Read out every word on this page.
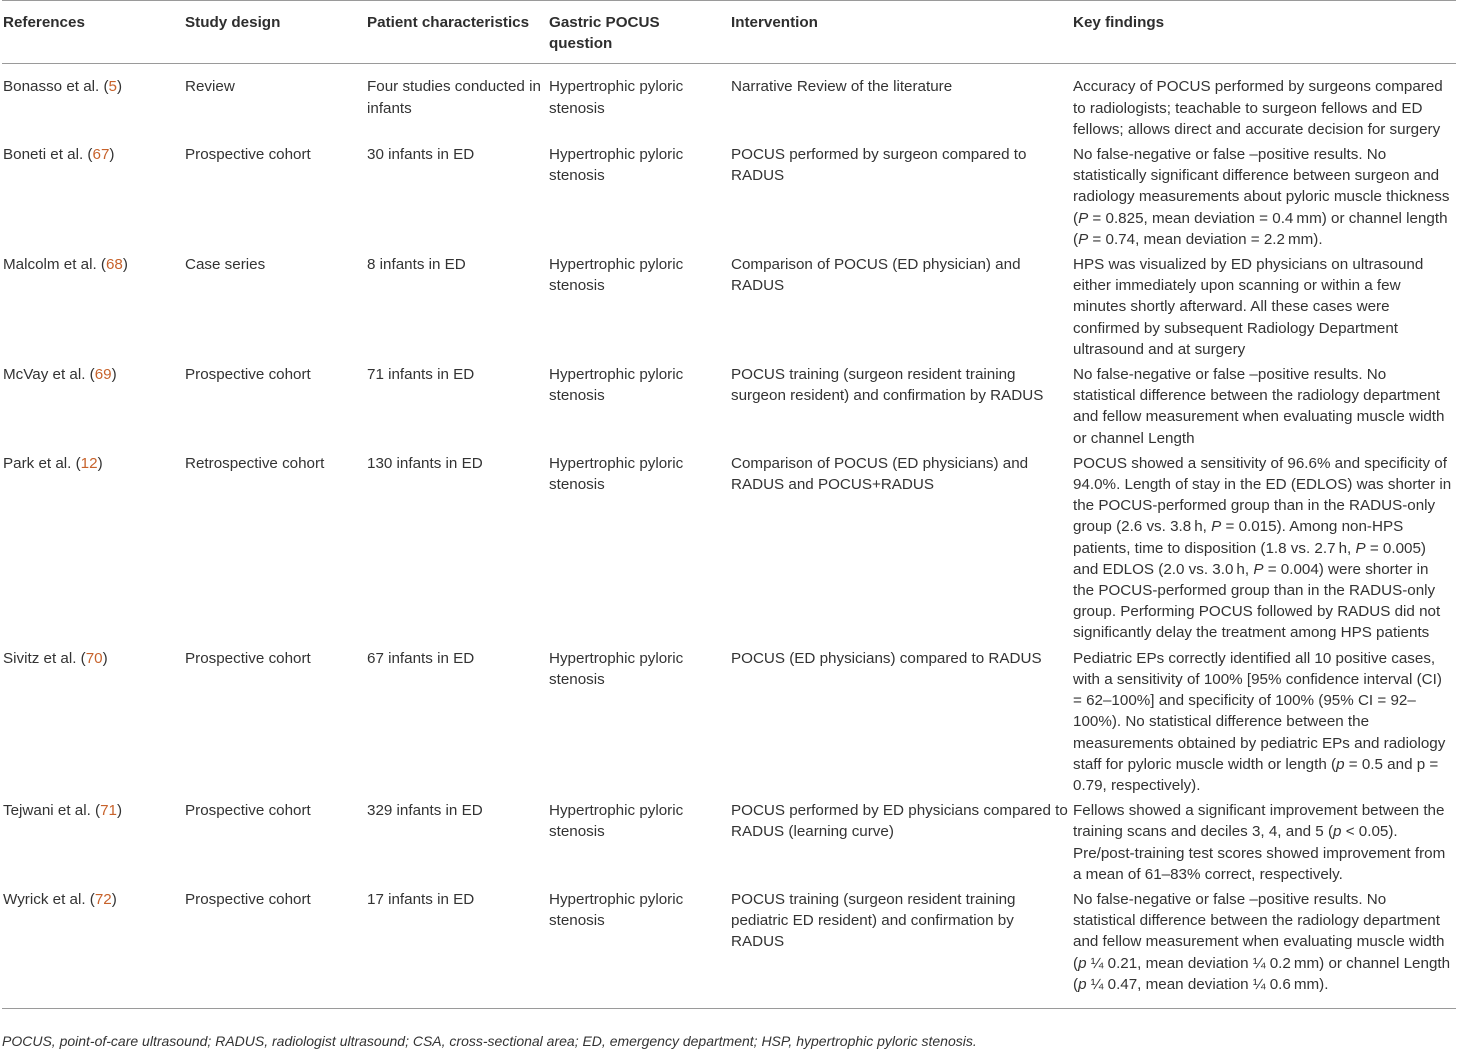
References	Study design	Patient characteristics	Gastric POCUS question	Intervention	Key findings
Bonasso et al. (5)	Review	Four studies conducted in infants	Hypertrophic pyloric stenosis	Narrative Review of the literature	Accuracy of POCUS performed by surgeons compared to radiologists; teachable to surgeon fellows and ED fellows; allows direct and accurate decision for surgery
Boneti et al. (67)	Prospective cohort	30 infants in ED	Hypertrophic pyloric stenosis	POCUS performed by surgeon compared to RADUS	No false-negative or false –positive results. No statistically significant difference between surgeon and radiology measurements about pyloric muscle thickness (P = 0.825, mean deviation = 0.4 mm) or channel length (P = 0.74, mean deviation = 2.2 mm).
Malcolm et al. (68)	Case series	8 infants in ED	Hypertrophic pyloric stenosis	Comparison of POCUS (ED physician) and RADUS	HPS was visualized by ED physicians on ultrasound either immediately upon scanning or within a few minutes shortly afterward. All these cases were confirmed by subsequent Radiology Department ultrasound and at surgery
McVay et al. (69)	Prospective cohort	71 infants in ED	Hypertrophic pyloric stenosis	POCUS training (surgeon resident training surgeon resident) and confirmation by RADUS	No false-negative or false –positive results. No statistical difference between the radiology department and fellow measurement when evaluating muscle width or channel Length
Park et al. (12)	Retrospective cohort	130 infants in ED	Hypertrophic pyloric stenosis	Comparison of POCUS (ED physicians) and RADUS and POCUS+RADUS	POCUS showed a sensitivity of 96.6% and specificity of 94.0%. Length of stay in the ED (EDLOS) was shorter in the POCUS-performed group than in the RADUS-only group (2.6 vs. 3.8 h, P = 0.015). Among non-HPS patients, time to disposition (1.8 vs. 2.7 h, P = 0.005) and EDLOS (2.0 vs. 3.0 h, P = 0.004) were shorter in the POCUS-performed group than in the RADUS-only group. Performing POCUS followed by RADUS did not significantly delay the treatment among HPS patients
Sivitz et al. (70)	Prospective cohort	67 infants in ED	Hypertrophic pyloric stenosis	POCUS (ED physicians) compared to RADUS	Pediatric EPs correctly identified all 10 positive cases, with a sensitivity of 100% [95% confidence interval (CI) = 62–100%] and specificity of 100% (95% CI = 92–100%). No statistical difference between the measurements obtained by pediatric EPs and radiology staff for pyloric muscle width or length (p = 0.5 and p = 0.79, respectively).
Tejwani et al. (71)	Prospective cohort	329 infants in ED	Hypertrophic pyloric stenosis	POCUS performed by ED physicians compared to RADUS (learning curve)	Fellows showed a significant improvement between the training scans and deciles 3, 4, and 5 (p < 0.05). Pre/post-training test scores showed improvement from a mean of 61–83% correct, respectively.
Wyrick et al. (72)	Prospective cohort	17 infants in ED	Hypertrophic pyloric stenosis	POCUS training (surgeon resident training pediatric ED resident) and confirmation by RADUS	No false-negative or false –positive results. No statistical difference between the radiology department and fellow measurement when evaluating muscle width (p ¼ 0.21, mean deviation ¼ 0.2 mm) or channel Length (p ¼ 0.47, mean deviation ¼ 0.6 mm).
POCUS, point-of-care ultrasound; RADUS, radiologist ultrasound; CSA, cross-sectional area; ED, emergency department; HSP, hypertrophic pyloric stenosis.
